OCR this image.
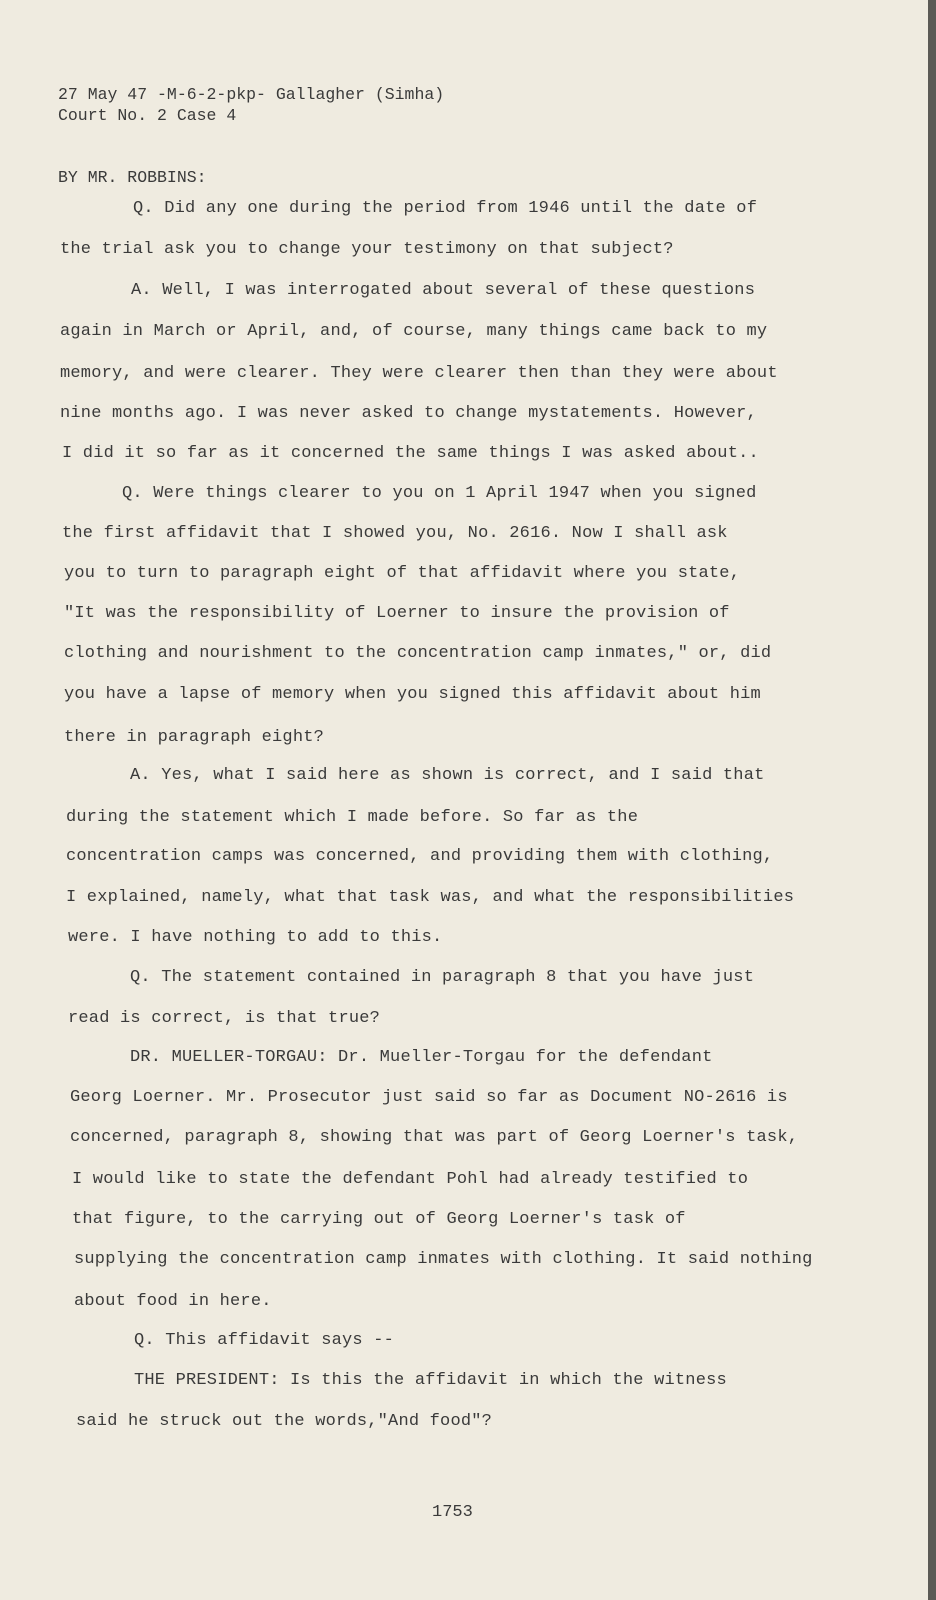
27 May 47 -M-6-2-pkp- Gallagher (Simha)
Court No. 2 Case 4
BY MR. ROBBINS:
Q. Did any one during the period from 1946 until the date of
the trial ask you to change your testimony on that subject?
A. Well, I was interrogated about several of these questions
again in March or April, and, of course, many things came back to my
memory, and were clearer. They were clearer then than they were about
nine months ago. I was never asked to change mystatements. However,
I did it so far as it concerned the same things I was asked about..
Q. Were things clearer to you on 1 April 1947 when you signed
the first affidavit that I showed you, No. 2616. Now I shall ask
you to turn to paragraph eight of that affidavit where you state,
"It was the responsibility of Loerner to insure the provision of
clothing and nourishment to the concentration camp inmates," or, did
you have a lapse of memory when you signed this affidavit about him
there in paragraph eight?
A. Yes, what I said here as shown is correct, and I said that
during the statement which I made before. So far as the
concentration camps was concerned, and providing them with clothing,
I explained, namely, what that task was, and what the responsibilities
were. I have nothing to add to this.
Q. The statement contained in paragraph 8 that you have just
read is correct, is that true?
DR. MUELLER-TORGAU: Dr. Mueller-Torgau for the defendant
Georg Loerner. Mr. Prosecutor just said so far as Document NO-2616 is
concerned, paragraph 8, showing that was part of Georg Loerner's task,
I would like to state the defendant Pohl had already testified to
that figure, to the carrying out of Georg Loerner's task of
supplying the concentration camp inmates with clothing. It said nothing
about food in here.
Q. This affidavit says --
THE PRESIDENT: Is this the affidavit in which the witness
said he struck out the words,"And food"?
1753
